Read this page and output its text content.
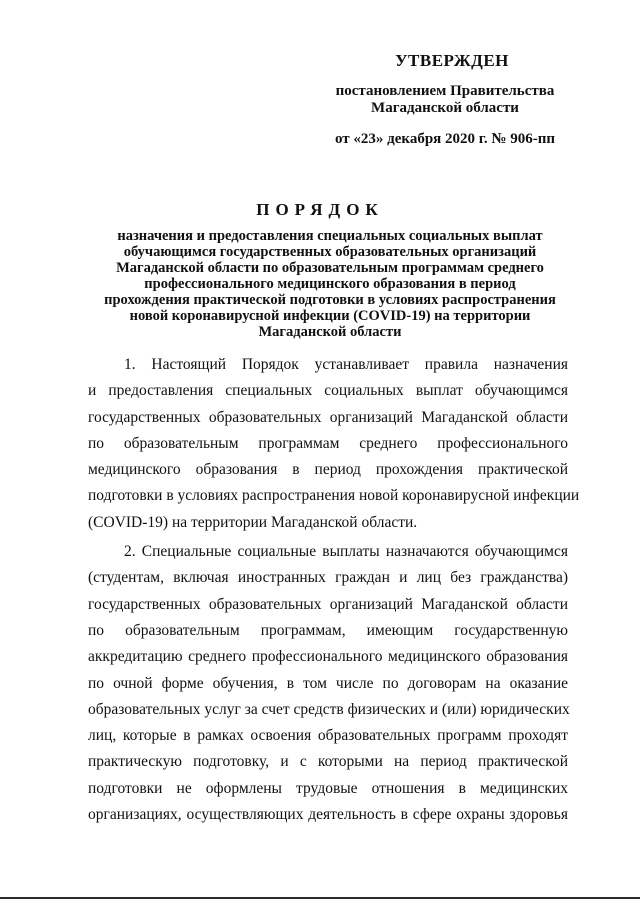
УТВЕРЖДЕН
постановлением Правительства
Магаданской области
от «23» декабря 2020 г. № 906-пп
ПОРЯДОК
назначения и предоставления специальных социальных выплат
обучающимся государственных образовательных организаций
Магаданской области по образовательным программам среднего
профессионального медицинского образования в период
прохождения практической подготовки в условиях распространения
новой коронавирусной инфекции (COVID-19) на территории
Магаданской области
1. Настоящий Порядок устанавливает правила назначения
и предоставления специальных социальных выплат обучающимся
государственных образовательных организаций Магаданской области
по образовательным программам среднего профессионального
медицинского образования в период прохождения практической
подготовки в условиях распространения новой коронавирусной инфекции
(COVID-19) на территории Магаданской области.
2. Специальные социальные выплаты назначаются обучающимся
(студентам, включая иностранных граждан и лиц без гражданства)
государственных образовательных организаций Магаданской области
по образовательным программам, имеющим государственную
аккредитацию среднего профессионального медицинского образования
по очной форме обучения, в том числе по договорам на оказание
образовательных услуг за счет средств физических и (или) юридических
лиц, которые в рамках освоения образовательных программ проходят
практическую подготовку, и с которыми на период практической
подготовки не оформлены трудовые отношения в медицинских
организациях, осуществляющих деятельность в сфере охраны здоровья
